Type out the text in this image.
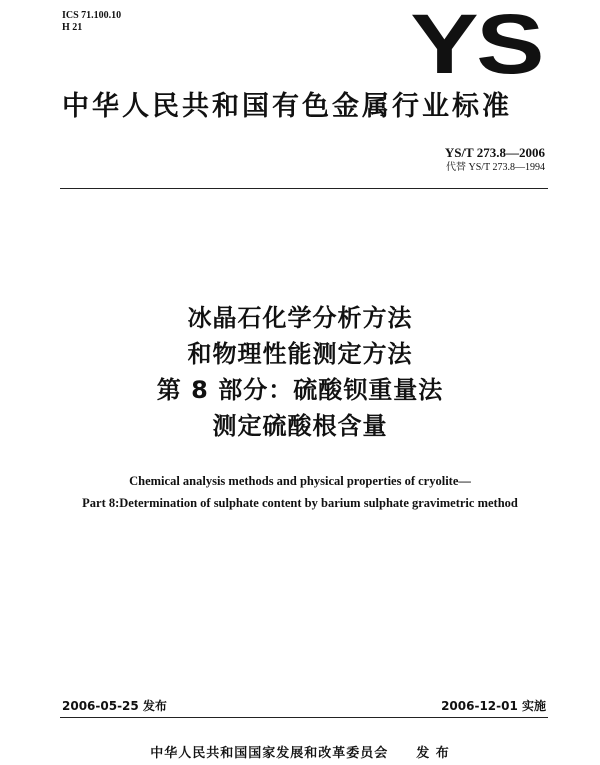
ICS 71.100.10
H 21	YS
中华人民共和国有色金属行业标准
YS/T 273.8—2006
代替 YS/T 273.8—1994
冰晶石化学分析方法
和物理性能测定方法
第 8 部分：硫酸钡重量法
测定硫酸根含量
Chemical analysis methods and physical properties of cryolite—
Part 8:Determination of sulphate content by barium sulphate gravimetric method
2006-05-25 发布	2006-12-01 实施
中华人民共和国国家发展和改革委员会 发 布
